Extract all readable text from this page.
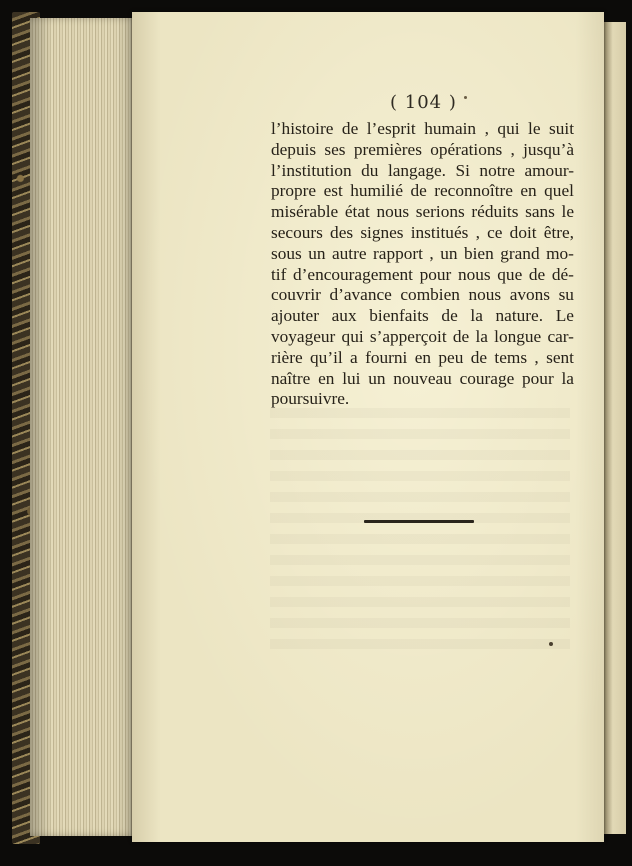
( 104 )
l’histoire de l’esprit humain , qui le suit
depuis ses premières opérations , jusqu’à
l’institution du langage. Si notre amour-
propre est humilié de reconnoître en quel
misérable état nous serions réduits sans le
secours des signes institués , ce doit être,
sous un autre rapport , un bien grand mo-
tif d’encouragement pour nous que de dé-
couvrir d’avance combien nous avons su
ajouter aux bienfaits de la nature. Le
voyageur qui s’apperçoit de la longue car-
rière qu’il a fourni en peu de tems , sent
naître en lui un nouveau courage pour la
poursuivre.
